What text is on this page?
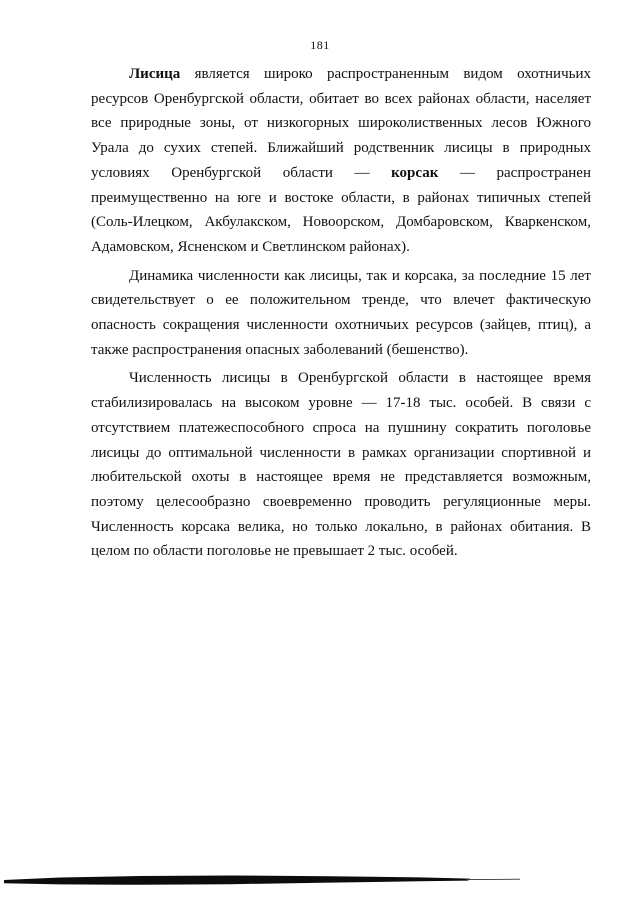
181

Лисица является широко распространенным видом охотничьих ресурсов Оренбургской области, обитает во всех районах области, населяет все природные зоны, от низкогорных широколиственных лесов Южного Урала до сухих степей. Ближайший родственник лисицы в природных условиях Оренбургской области — корсак — распространен преимущественно на юге и востоке области, в районах типичных степей (Соль-Илецком, Акбулакском, Новоорском, Домбаровском, Кваркенском, Адамовском, Ясненском и Светлинском районах).

Динамика численности как лисицы, так и корсака, за последние 15 лет свидетельствует о ее положительном тренде, что влечет фактическую опасность сокращения численности охотничьих ресурсов (зайцев, птиц), а также распространения опасных заболеваний (бешенство).

Численность лисицы в Оренбургской области в настоящее время стабилизировалась на высоком уровне — 17-18 тыс. особей. В связи с отсутствием платежеспособного спроса на пушнину сократить поголовье лисицы до оптимальной численности в рамках организации спортивной и любительской охоты в настоящее время не представляется возможным, поэтому целесообразно своевременно проводить регуляционные меры. Численность корсака велика, но только локально, в районах обитания. В целом по области поголовье не превышает 2 тыс. особей.
